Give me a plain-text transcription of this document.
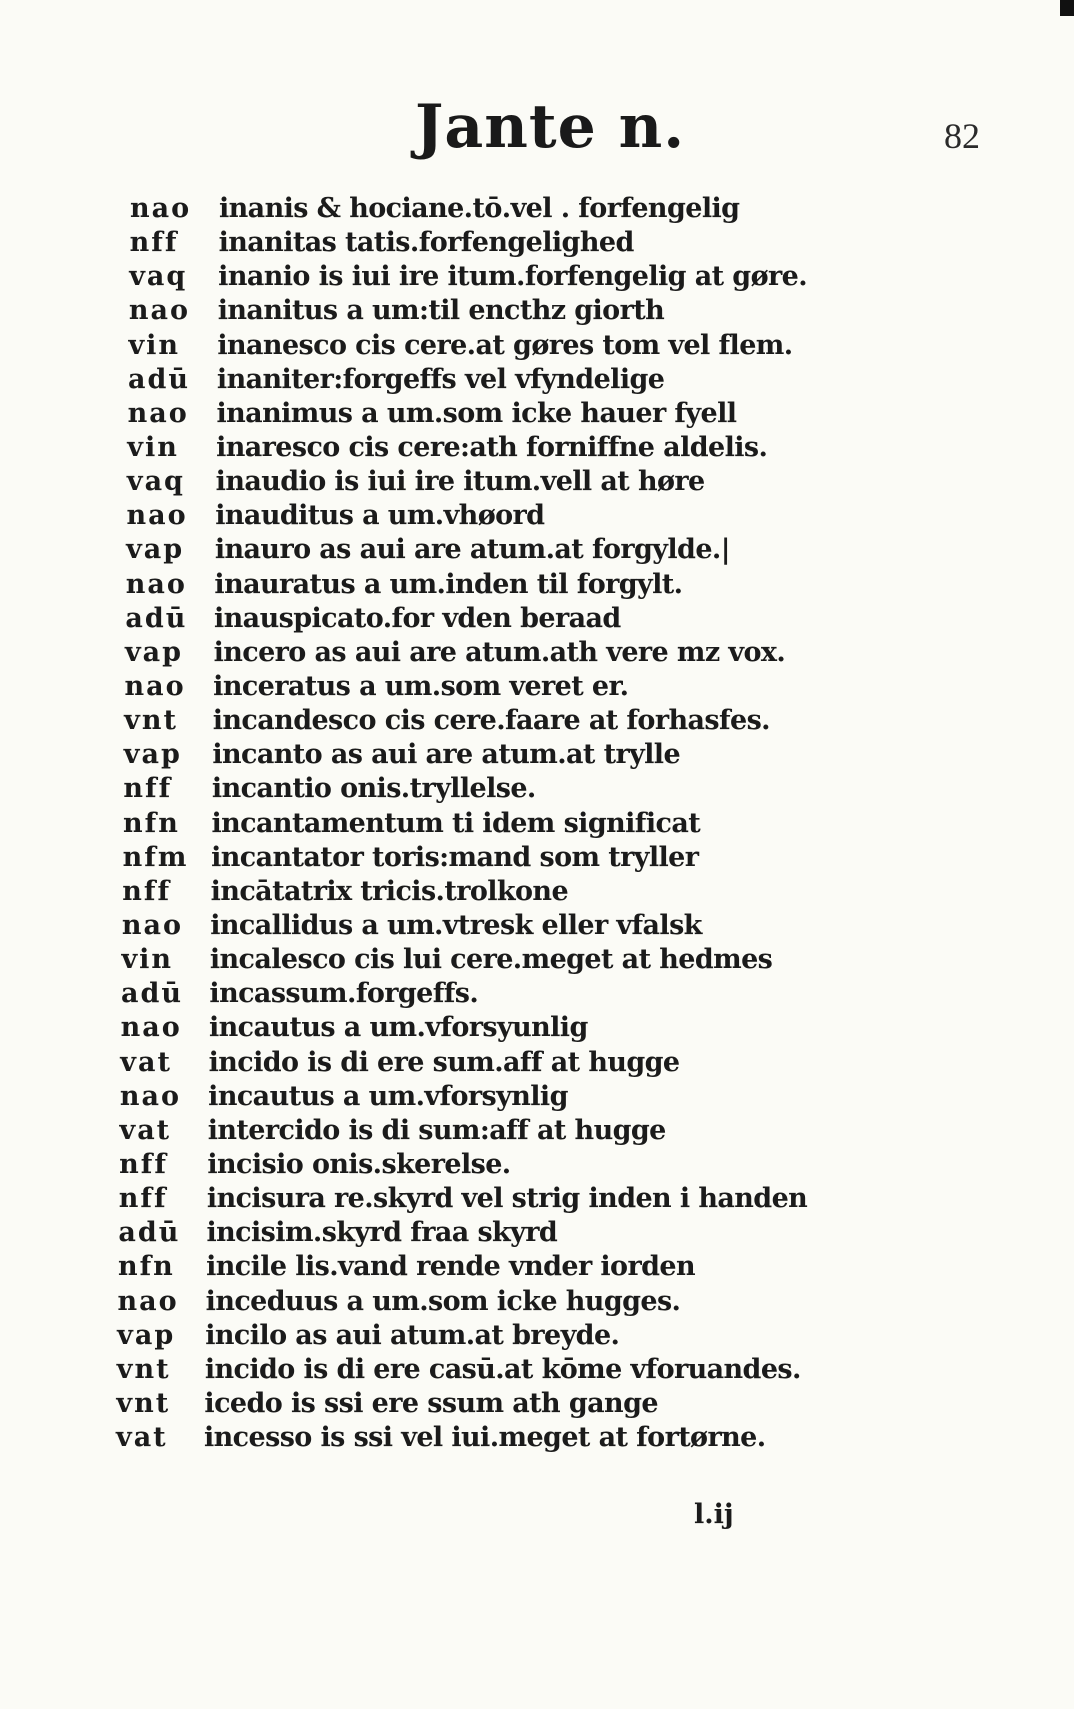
Jante n.	82
nao	inanis & hociane.tō.vel . forfengelig
nff	inanitas tatis.forfengelighed
vaq	inanio is iui ire itum.forfengelig at gøre.
nao	inanitus a um:til encthz giorth
vin	inanesco cis cere.at gøres tom vel flem.
adū inaniter:forgeffs vel vfyndelige
nao	inanimus a um.som icke hauer fyell
vin	inaresco cis cere:ath forniffne aldelis.
vaq	inaudio is iui ire itum.vell at høre
nao	inauditus a um.vhøord
vap	inauro as aui are atum.at forgylde.|
nao	inauratus a um.inden til forgylt.
adū inauspicato.for vden beraad
vap	incero as aui are atum.ath vere mz vox.
nao	inceratus a um.som veret er.
vnt	incandesco cis cere.faare at forhasfes.
vap	incanto as aui are atum.at trylle
nff	incantio onis.tryllelse.
nfn	incantamentum ti idem significat
nfm incantator toris:mand som tryller
nff	incātatrix tricis.trolkone
nao	incallidus a um.vtresk eller vfalsk
vin	incalesco cis lui cere.meget at hedmes
adū incassum.forgeffs.
nao	incautus a um.vforsyunlig
vat	incido is di ere sum.aff at hugge
nao	incautus a um.vforsynlig
vat	intercido is di sum:aff at hugge
nff	incisio onis.skerelse.
nff	incisura re.skyrd vel strig inden i handen
adū incisim.skyrd fraa skyrd
nfn	incile lis.vand rende vnder iorden
nao inceduus a um.som icke hugges.
vap	incilo as aui atum.at breyde.
vnt	incido is di ere casū.at kōme vforuandes.
vnt	icedo is ssi ere ssum ath gange
vat	incesso is ssi vel iui.meget at fortørne.
l.ij
